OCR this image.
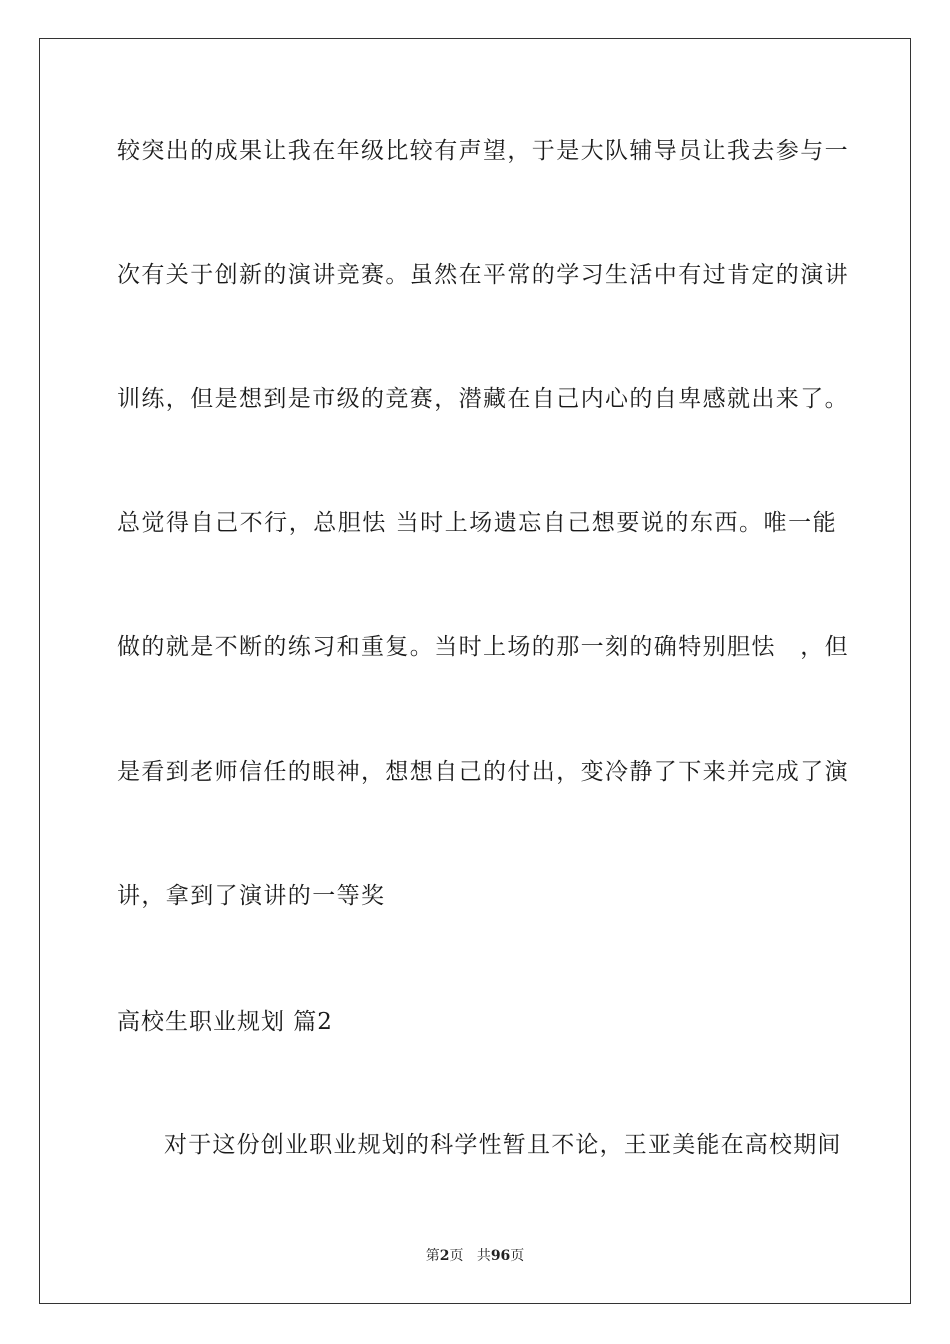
较突出的成果让我在年级比较有声望，于是大队辅导员让我去参与一
次有关于创新的演讲竞赛。虽然在平常的学习生活中有过肯定的演讲
训练，但是想到是市级的竞赛，潜藏在自己内心的自卑感就出来了。
总觉得自己不行，总胆怯 当时上场遗忘自己想要说的东西。唯一能
做的就是不断的练习和重复。当时上场的那一刻的确特别胆怯　，但
是看到老师信任的眼神，想想自己的付出，变冷静了下来并完成了演
讲，拿到了演讲的一等奖
高校生职业规划 篇2
对于这份创业职业规划的科学性暂且不论，王亚美能在高校期间
第2页 共96页
